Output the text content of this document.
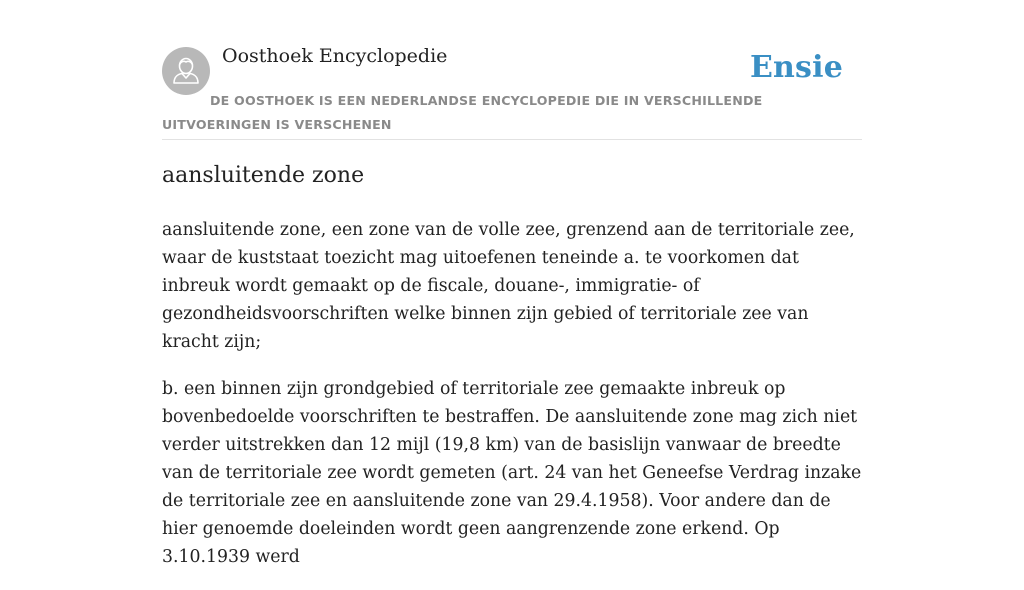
Oosthoek Encyclopedie	Ensie
DE OOSTHOEK IS EEN NEDERLANDSE ENCYCLOPEDIE DIE IN VERSCHILLENDE UITVOERINGEN IS VERSCHENEN
aansluitende zone

aansluitende zone, een zone van de volle zee, grenzend aan de territoriale zee, waar de kuststaat toezicht mag uitoefenen teneinde a. te voorkomen dat inbreuk wordt gemaakt op de fiscale, douane-, immigratie- of gezondheidsvoorschriften welke binnen zijn gebied of territoriale zee van kracht zijn;

b. een binnen zijn grondgebied of territoriale zee gemaakte inbreuk op bovenbedoelde voorschriften te bestraffen. De aansluitende zone mag zich niet verder uitstrekken dan 12 mijl (19,8 km) van de basislijn vanwaar de breedte van de territoriale zee wordt gemeten (art. 24 van het Geneefse Verdrag inzake de territoriale zee en aansluitende zone van 29.4.1958). Voor andere dan de hier genoemde doeleinden wordt geen aangrenzende zone erkend. Op 3.10.1939 werd
